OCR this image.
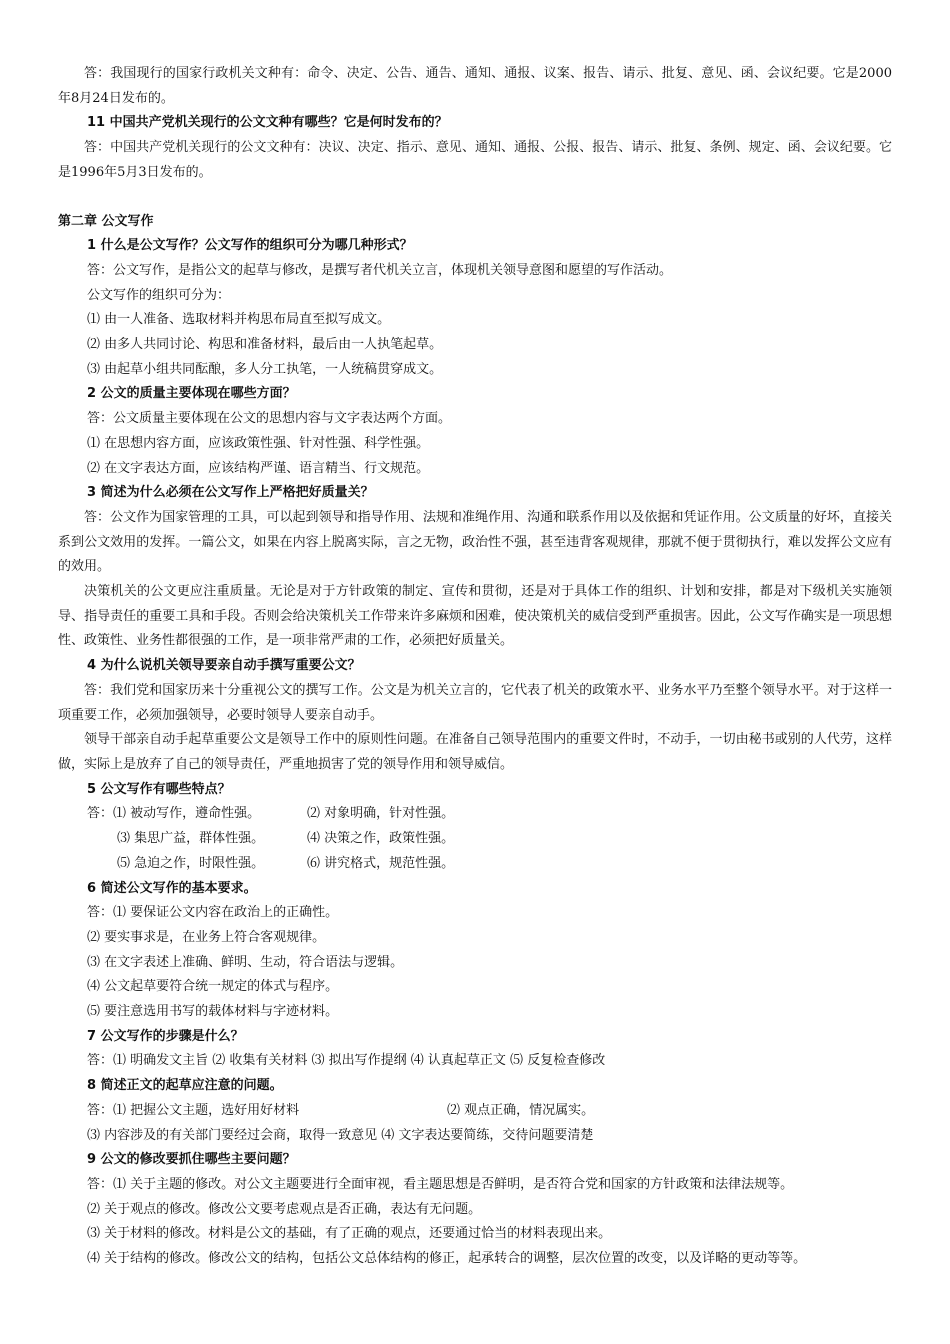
答：我国现行的国家行政机关文种有：命令、决定、公告、通告、通知、通报、议案、报告、请示、批复、意见、函、会议纪要。它是2000年8月24日发布的。

11 中国共产党机关现行的公文文种有哪些？它是何时发布的？

答：中国共产党机关现行的公文文种有：决议、决定、指示、意见、通知、通报、公报、报告、请示、批复、条例、规定、函、会议纪要。它是1996年5月3日发布的。

第二章 公文写作

1 什么是公文写作？公文写作的组织可分为哪几种形式？

答：公文写作，是指公文的起草与修改，是撰写者代机关立言，体现机关领导意图和愿望的写作活动。

公文写作的组织可分为：

⑴ 由一人准备、选取材料并构思布局直至拟写成文。

⑵ 由多人共同讨论、构思和准备材料，最后由一人执笔起草。

⑶ 由起草小组共同酝酿，多人分工执笔，一人统稿贯穿成文。

2 公文的质量主要体现在哪些方面？

答：公文质量主要体现在公文的思想内容与文字表达两个方面。

⑴ 在思想内容方面，应该政策性强、针对性强、科学性强。

⑵ 在文字表达方面，应该结构严谨、语言精当、行文规范。

3 简述为什么必须在公文写作上严格把好质量关？

答：公文作为国家管理的工具，可以起到领导和指导作用、法规和准绳作用、沟通和联系作用以及依据和凭证作用。公文质量的好坏，直接关系到公文效用的发挥。一篇公文，如果在内容上脱离实际，言之无物，政治性不强，甚至违背客观规律，那就不便于贯彻执行，难以发挥公文应有的效用。

决策机关的公文更应注重质量。无论是对于方针政策的制定、宣传和贯彻，还是对于具体工作的组织、计划和安排，都是对下级机关实施领导、指导责任的重要工具和手段。否则会给决策机关工作带来许多麻烦和困难，使决策机关的威信受到严重损害。因此，公文写作确实是一项思想性、政策性、业务性都很强的工作，是一项非常严肃的工作，必须把好质量关。

4 为什么说机关领导要亲自动手撰写重要公文？

答：我们党和国家历来十分重视公文的撰写工作。公文是为机关立言的，它代表了机关的政策水平、业务水平乃至整个领导水平。对于这样一项重要工作，必须加强领导，必要时领导人要亲自动手。

领导干部亲自动手起草重要公文是领导工作中的原则性问题。在准备自己领导范围内的重要文件时，不动手，一切由秘书或别的人代劳，这样做，实际上是放弃了自己的领导责任，严重地损害了党的领导作用和领导威信。

5 公文写作有哪些特点？

答：⑴ 被动写作，遵命性强。	⑵ 对象明确，针对性强。

⑶ 集思广益，群体性强。	⑷ 决策之作，政策性强。

⑸ 急迫之作，时限性强。	⑹ 讲究格式，规范性强。

6 简述公文写作的基本要求。

答：⑴ 要保证公文内容在政治上的正确性。

⑵ 要实事求是，在业务上符合客观规律。

⑶ 在文字表述上准确、鲜明、生动，符合语法与逻辑。

⑷ 公文起草要符合统一规定的体式与程序。

⑸ 要注意选用书写的载体材料与字迹材料。

7 公文写作的步骤是什么？

答：⑴ 明确发文主旨 ⑵ 收集有关材料 ⑶ 拟出写作提纲 ⑷ 认真起草正文 ⑸ 反复检查修改

8 简述正文的起草应注意的问题。

答：⑴ 把握公文主题，选好用好材料	⑵ 观点正确，情况属实。

⑶ 内容涉及的有关部门要经过会商，取得一致意见 ⑷ 文字表达要简练，交待问题要清楚

9 公文的修改要抓住哪些主要问题？

答：⑴ 关于主题的修改。对公文主题要进行全面审视，看主题思想是否鲜明，是否符合党和国家的方针政策和法律法规等。

⑵ 关于观点的修改。修改公文要考虑观点是否正确，表达有无问题。

⑶ 关于材料的修改。材料是公文的基础，有了正确的观点，还要通过恰当的材料表现出来。

⑷ 关于结构的修改。修改公文的结构，包括公文总体结构的修正，起承转合的调整，层次位置的改变，以及详略的更动等等。
